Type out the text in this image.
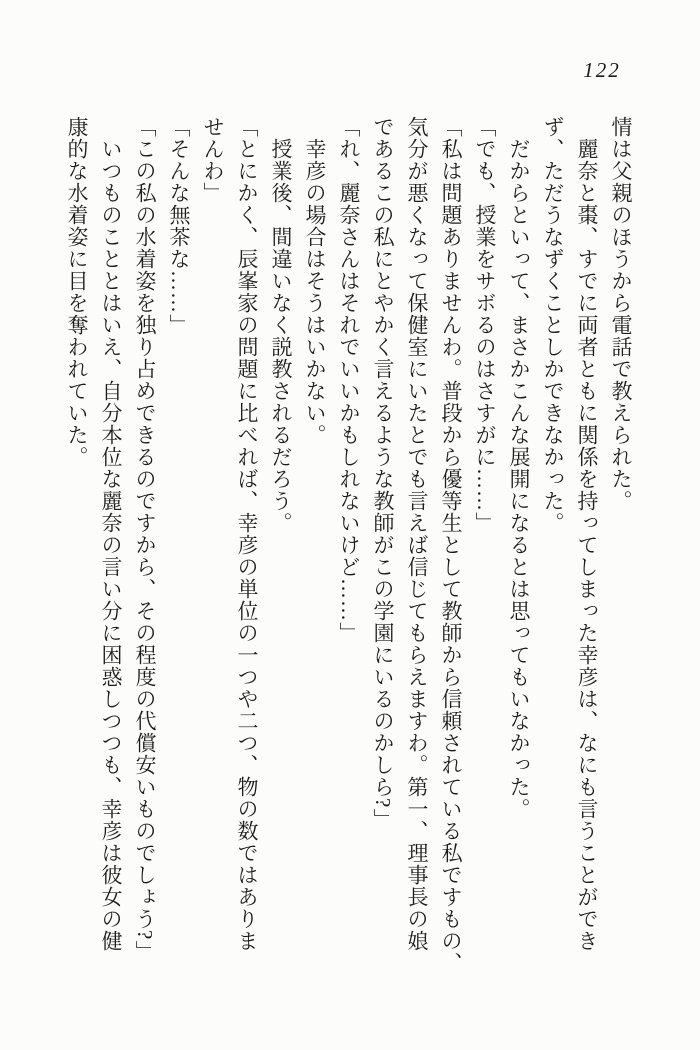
122
情は父親のほうから電話で教えられた。
　麗奈と棗、すでに両者ともに関係を持ってしまった幸彦は、なにも言うことができ
ず、ただうなずくことしかできなかった。
　だからといって、まさかこんな展開になるとは思ってもいなかった。
「でも、授業をサボるのはさすがに……」
「私は問題ありませんわ。普段から優等生として教師から信頼されている私ですもの、
気分が悪くなって保健室にいたとでも言えば信じてもらえますわ。第一、理事長の娘
であるこの私にとやかく言えるような教師がこの学園にいるのかしら?」
「れ、麗奈さんはそれでいいかもしれないけど……」
　幸彦の場合はそうはいかない。
　授業後、間違いなく説教されるだろう。
「とにかく、辰峯家の問題に比べれば、幸彦の単位の一つや二つ、物の数ではありま
せんわ」
「そんな無茶な……」
「この私の水着姿を独り占めできるのですから、その程度の代償安いものでしょう?」
　いつものこととはいえ、自分本位な麗奈の言い分に困惑しつつも、幸彦は彼女の健
康的な水着姿に目を奪われていた。
